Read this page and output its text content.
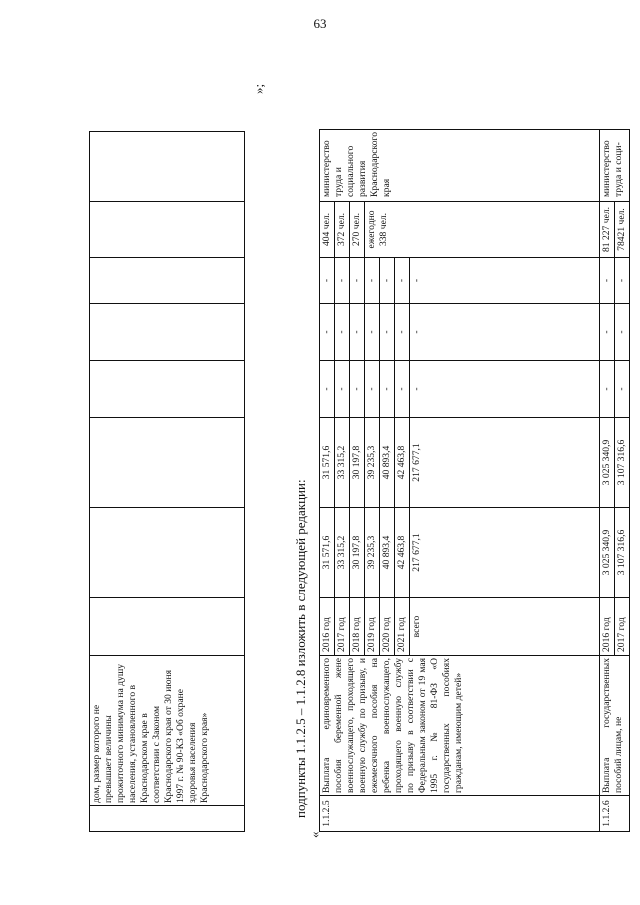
63
	дом, размер которого не превышает величины прожиточного минимума на душу населения, установленного в Краснодарском крае в соответствии с Законом Краснодарского края от 30 июня 1997 г. № 90-КЗ «Об охране здоровья населения Краснодарского края»								
»;
подпункты 1.1.2.5 – 1.1.2.8 изложить в следующей редакции:
«
1.1.2.5	Выплата единовременного пособия беременной жене военнослужащего, проходящего военную службу по призыву, и ежемесячного пособия на ребенка военнослужащего, проходящего военную службу по призыву в соответствии с Федеральным законом от 19 мая 1995 г. № 81-ФЗ «О государственных пособиях гражданам, имеющим детей»	2016 год	31 571,6	31 571,6	-	-	-	404 чел.	министерство труда и социального развития Краснодарского края
		2017 год	33 315,2	33 315,2	-	-	-	372 чел.	
		2018 год	30 197,8	30 197,8	-	-	-	270 чел.	
		2019 год	39 235,3	39 235,3	-	-	-	ежегодно 338 чел.	
		2020 год	40 893,4	40 893,4	-	-	-		
		2021 год	42 463,8	42 463,8	-	-	-		
		всего	217 677,1	217 677,1	-	-	-		
1.1.2.6	Выплата государственных пособий лицам, не	2016 год	3 025 340,9	3 025 340,9	-	-	-	81 227 чел.	министерство труда и соци-
		2017 год	3 107 316,6	3 107 316,6	-	-	-	78421 чел.	
